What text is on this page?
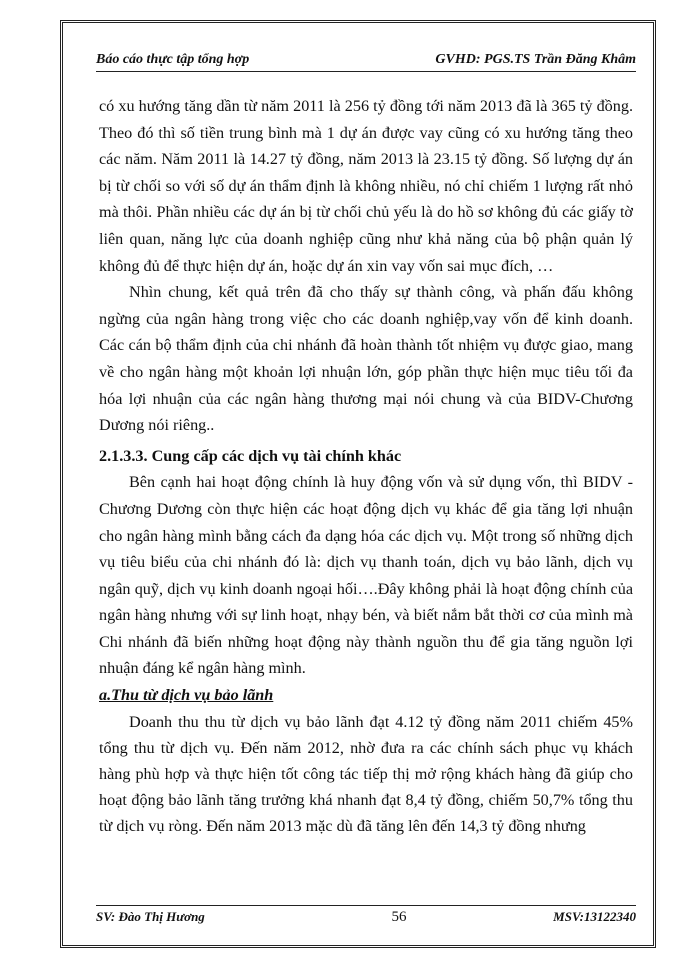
Báo cáo thực tập tổng hợp	GVHD: PGS.TS Trần Đăng Khâm

có xu hướng tăng dần từ năm 2011 là 256 tỷ đồng tới năm 2013 đã là 365 tỷ đồng. Theo đó thì số tiền trung bình mà 1 dự án được vay cũng có xu hướng tăng theo các năm. Năm 2011 là 14.27 tỷ đồng, năm 2013 là 23.15 tỷ đồng. Số lượng dự án bị từ chối so với số dự án thẩm định là không nhiều, nó chỉ chiếm 1 lượng rất nhỏ mà thôi. Phần nhiều các dự án bị từ chối chủ yếu là do hồ sơ không đủ các giấy tờ liên quan, năng lực của doanh nghiệp cũng như khả năng của bộ phận quản lý không đủ để thực hiện dự án, hoặc dự án xin vay vốn sai mục đích, …

Nhìn chung, kết quả trên đã cho thấy sự thành công, và phấn đấu không ngừng của ngân hàng trong việc cho các doanh nghiệp,vay vốn để kinh doanh. Các cán bộ thẩm định của chi nhánh đã hoàn thành tốt nhiệm vụ được giao, mang về cho ngân hàng một khoản lợi nhuận lớn, góp phần thực hiện mục tiêu tối đa hóa lợi nhuận của các ngân hàng thương mại nói chung và của BIDV-Chương Dương nói riêng..

2.1.3.3. Cung cấp các dịch vụ tài chính khác

Bên cạnh hai hoạt động chính là huy động vốn và sử dụng vốn, thì BIDV - Chương Dương còn thực hiện các hoạt động dịch vụ khác để gia tăng lợi nhuận cho ngân hàng mình bằng cách đa dạng hóa các dịch vụ. Một trong số những dịch vụ tiêu biểu của chi nhánh đó là: dịch vụ thanh toán, dịch vụ bảo lãnh, dịch vụ ngân quỹ, dịch vụ kinh doanh ngoại hối….Đây không phải là hoạt động chính của ngân hàng nhưng với sự linh hoạt, nhạy bén, và biết nắm bắt thời cơ của mình mà Chi nhánh đã biến những hoạt động này thành nguồn thu để gia tăng nguồn lợi nhuận đáng kể ngân hàng mình.

a.Thu từ dịch vụ bảo lãnh

Doanh thu thu từ dịch vụ bảo lãnh đạt 4.12 tỷ đồng năm 2011 chiếm 45% tổng thu từ dịch vụ. Đến năm 2012, nhờ đưa ra các chính sách phục vụ khách hàng phù hợp và thực hiện tốt công tác tiếp thị mở rộng khách hàng đã giúp cho hoạt động bảo lãnh tăng trưởng khá nhanh đạt 8,4 tỷ đồng, chiếm 50,7% tổng thu từ dịch vụ ròng. Đến năm 2013 mặc dù đã tăng lên đến 14,3 tỷ đồng nhưng

SV: Đào Thị Hương	56	MSV:13122340
